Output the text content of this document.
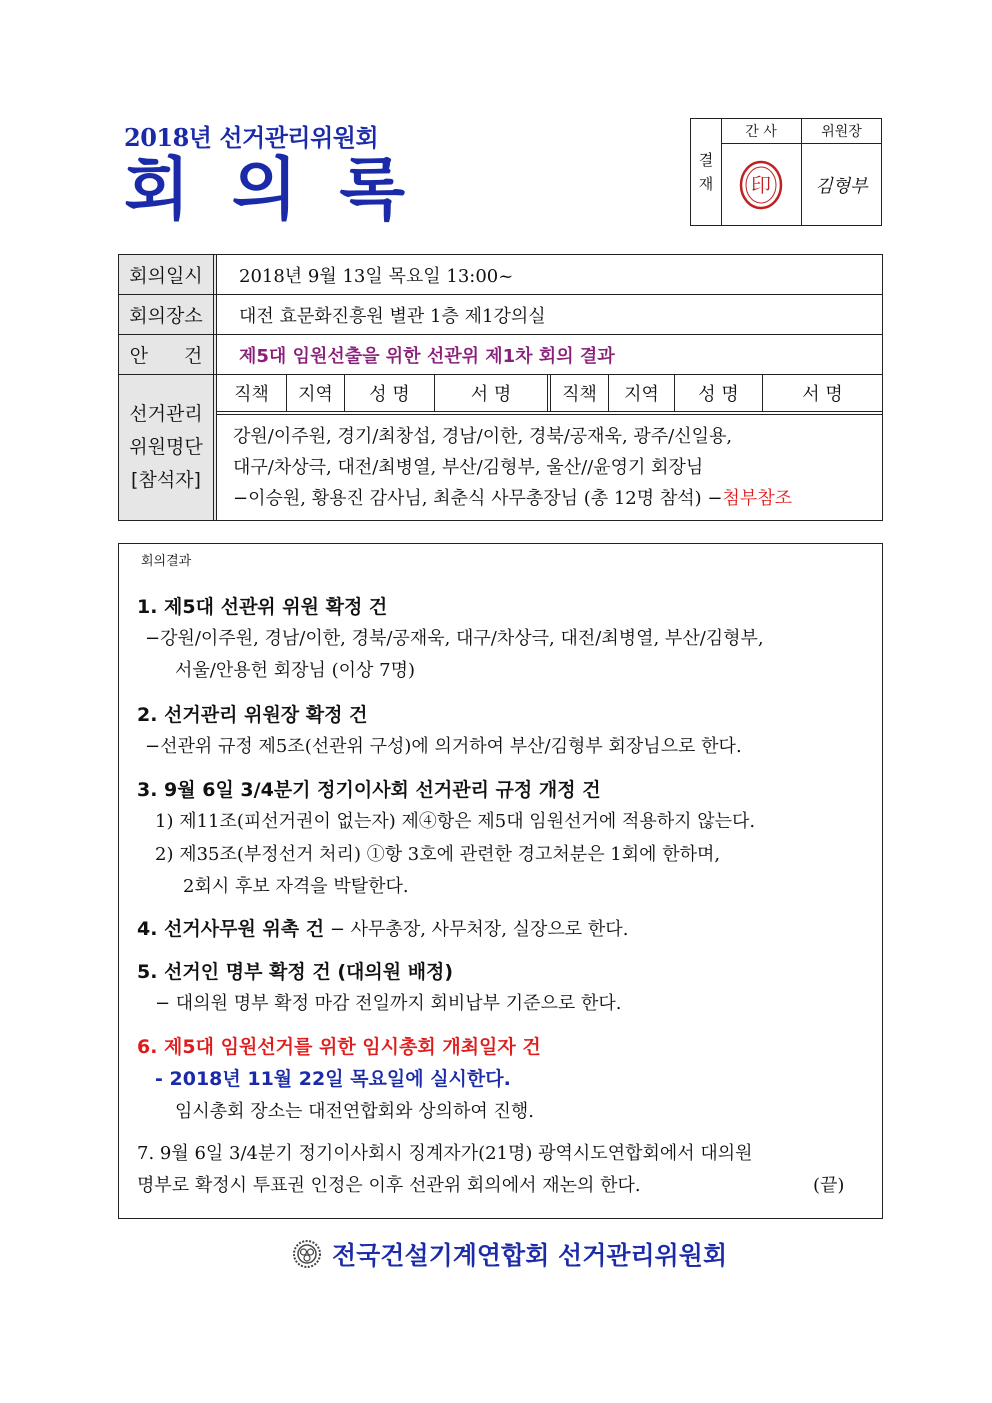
2018년 선거관리위원회
회의록	결
재
간 사	위원장
印	김형부
회의일시	2018년 9월 13일 목요일 13:00~
회의장소	대전 효문화진흥원 별관 1층 제1강의실
안건 제5대 임원선출을 위한 선관위 제1차 회의 결과
선거관리
위원명단
[참석자]
직책	지역	성 명	서 명	직책	지역	성 명	서 명
강원/이주원, 경기/최창섭, 경남/이한, 경북/공재욱, 광주/신일용,
대구/차상극, 대전/최병열, 부산/김형부, 울산//윤영기 회장님
−이승원, 황용진 감사님, 최춘식 사무총장님 (총 12명 참석) −첨부참조
회의결과
1. 제5대 선관위 위원 확정 건
−강원/이주원, 경남/이한, 경북/공재욱, 대구/차상극, 대전/최병열, 부산/김형부,
서울/안용헌 회장님 (이상 7명)
2. 선거관리 위원장 확정 건
−선관위 규정 제5조(선관위 구성)에 의거하여 부산/김형부 회장님으로 한다.
3. 9월 6일 3/4분기 정기이사회 선거관리 규정 개정 건
1) 제11조(피선거권이 없는자) 제④항은 제5대 임원선거에 적용하지 않는다.
2) 제35조(부정선거 처리) ①항 3호에 관련한 경고처분은 1회에 한하며,
2회시 후보 자격을 박탈한다.
4. 선거사무원 위촉 건 − 사무총장, 사무처장, 실장으로 한다.
5. 선거인 명부 확정 건 (대의원 배정)
− 대의원 명부 확정 마감 전일까지 회비납부 기준으로 한다.
6. 제5대 임원선거를 위한 임시총회 개최일자 건
- 2018년 11월 22일 목요일에 실시한다.
임시총회 장소는 대전연합회와 상의하여 진행.
7. 9월 6일 3/4분기 정기이사회시 징계자가(21명) 광역시도연합회에서 대의원
명부로 확정시 투표권 인정은 이후 선관위 회의에서 재논의 한다.	(끝)
전국건설기계연합회 선거관리위원회
